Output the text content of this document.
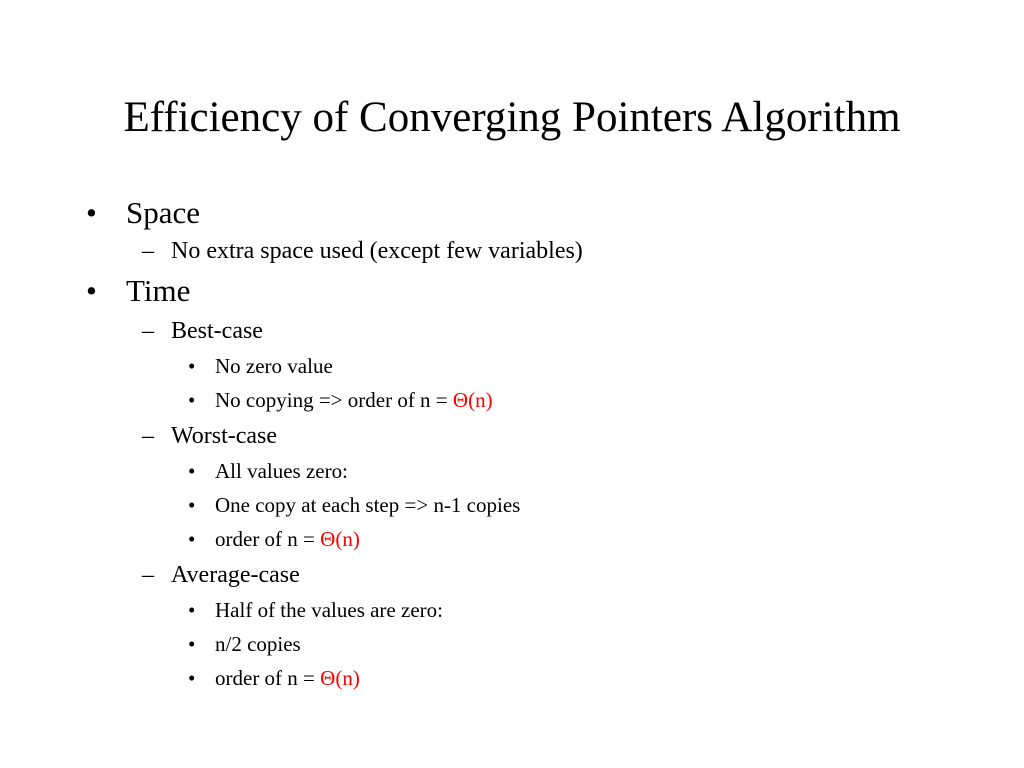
Efficiency of Converging Pointers Algorithm
• Space
– No extra space used (except few variables)
• Time
– Best-case
• No zero value
• No copying => order of n = Θ(n)
– Worst-case
• All values zero:
• One copy at each step => n-1 copies
• order of n = Θ(n)
– Average-case
• Half of the values are zero:
• n/2 copies
• order of n = Θ(n)
